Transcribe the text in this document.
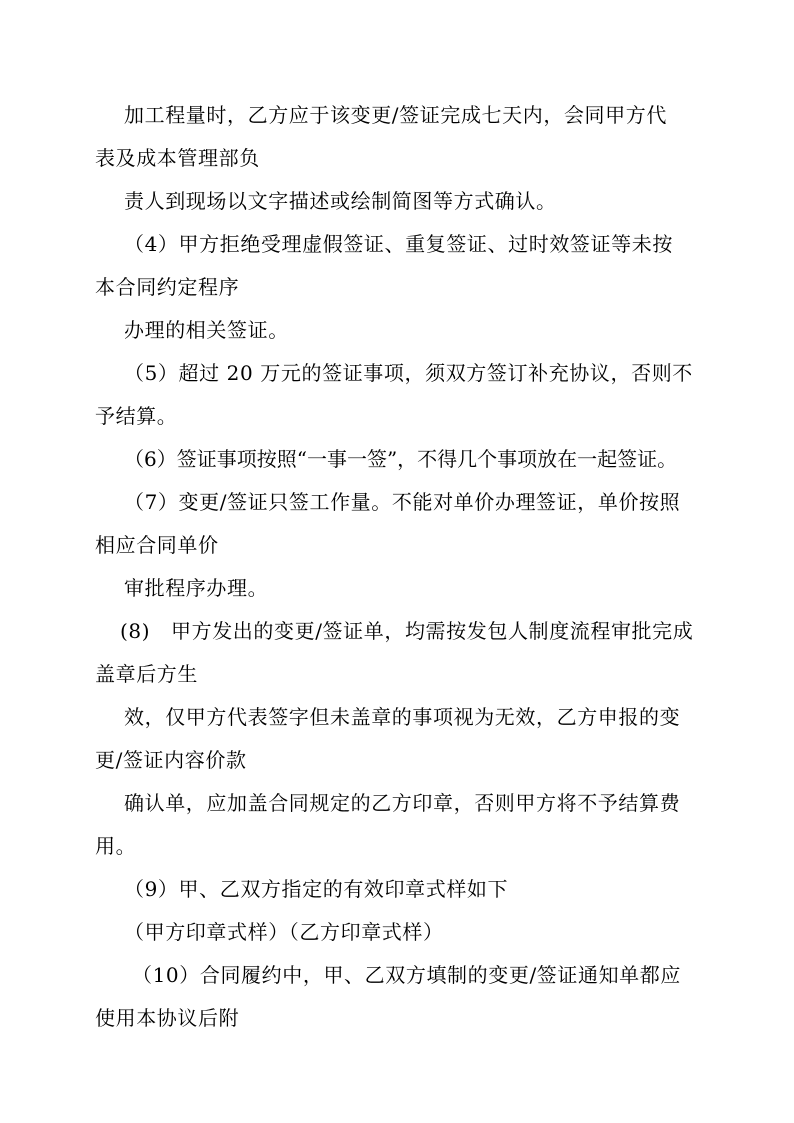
加工程量时，乙方应于该变更/签证完成七天内，会同甲方代
表及成本管理部负
责人到现场以文字描述或绘制简图等方式确认。
（4）甲方拒绝受理虚假签证、重复签证、过时效签证等未按
本合同约定程序
办理的相关签证。
（5）超过 20 万元的签证事项，须双方签订补充协议，否则不
予结算。
（6）签证事项按照“一事一签”，不得几个事项放在一起签证。
（7）变更/签证只签工作量。不能对单价办理签证，单价按照
相应合同单价
审批程序办理。
(8)   甲方发出的变更/签证单，均需按发包人制度流程审批完成
盖章后方生
效，仅甲方代表签字但未盖章的事项视为无效，乙方申报的变
更/签证内容价款
确认单，应加盖合同规定的乙方印章，否则甲方将不予结算费
用。
（9）甲、乙双方指定的有效印章式样如下
（甲方印章式样）（乙方印章式样）
（10）合同履约中，甲、乙双方填制的变更/签证通知单都应
使用本协议后附
